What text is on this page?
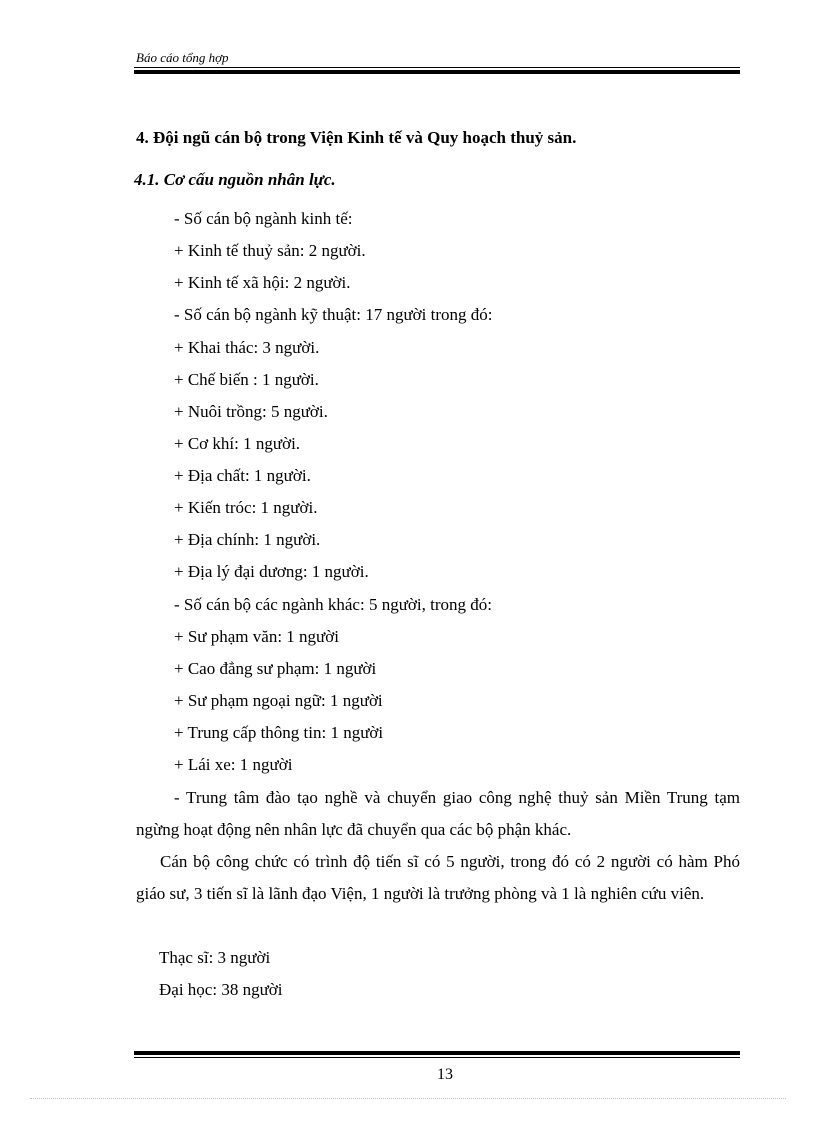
Báo cáo tổng hợp
4. Đội ngũ cán bộ trong Viện Kinh tế và Quy hoạch thuỷ sản.
4.1. Cơ cấu nguồn nhân lực.
- Số cán bộ ngành kinh tế:
+ Kinh tế thuỷ sản: 2 người.
+ Kinh tế xã hội: 2 người.
- Số cán bộ ngành kỹ thuật: 17 người trong đó:
+ Khai thác: 3 người.
+ Chế biến : 1 người.
+ Nuôi trồng: 5 người.
+ Cơ khí: 1 người.
+ Địa chất: 1 người.
+ Kiến tróc: 1 người.
+ Địa chính: 1 người.
+ Địa lý đại dương: 1 người.
- Số cán bộ các ngành khác: 5 người, trong đó:
+ Sư phạm văn: 1 người
+ Cao đẳng sư phạm: 1 người
+ Sư phạm ngoại ngữ: 1 người
+ Trung cấp thông tin: 1 người
+ Lái xe: 1 người
- Trung tâm đào tạo nghề và chuyển giao công nghệ thuỷ sản Miền Trung tạm ngừng hoạt động nên nhân lực đã chuyển qua các bộ phận khác.
Cán bộ công chức có trình độ tiến sĩ có 5 người, trong đó có 2 người có hàm Phó giáo sư, 3 tiến sĩ là lãnh đạo Viện, 1 người là trưởng phòng và 1 là nghiên cứu viên.
Thạc sĩ: 3 người
Đại học: 38 người
13
